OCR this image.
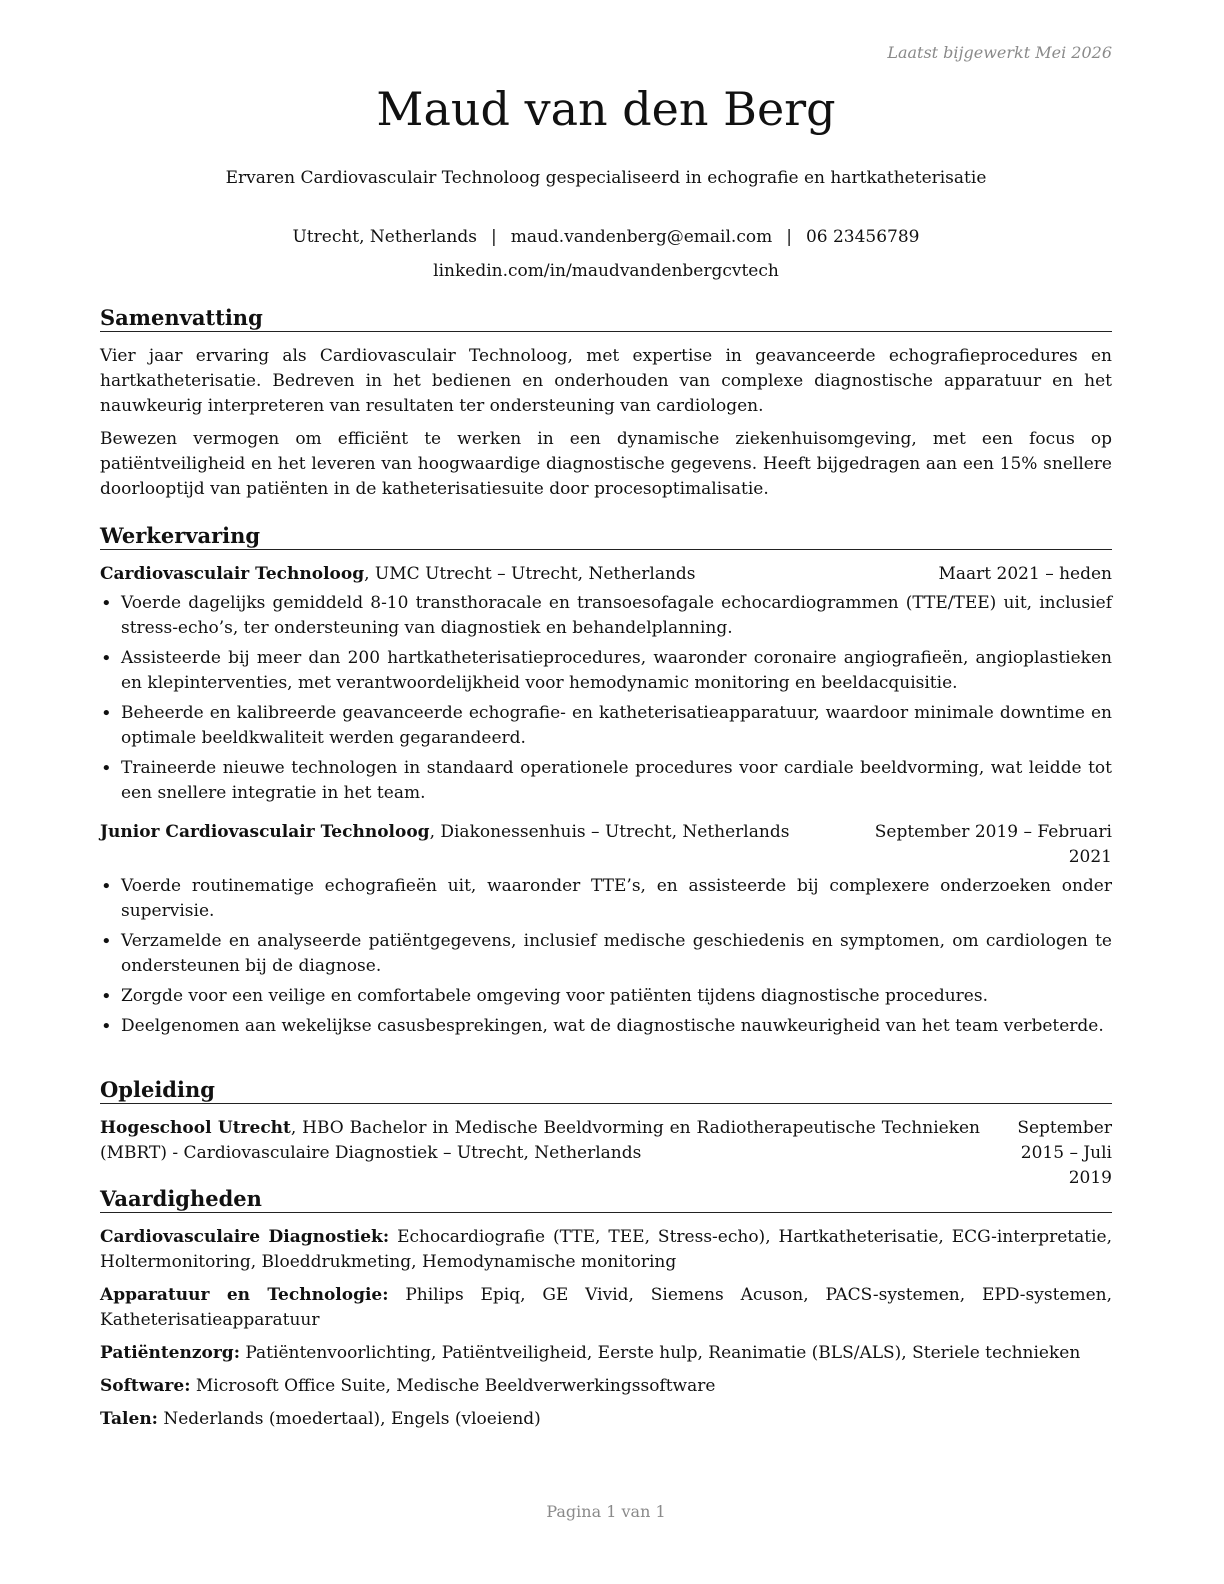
Laatst bijgewerkt Mei 2026

Maud van den Berg

Ervaren Cardiovasculair Technoloog gespecialiseerd in echografie en hartkatheterisatie

Utrecht, Netherlands | maud.vandenberg@email.com | 06 23456789
linkedin.com/in/maudvandenbergcvtech
Samenvatting

Vier jaar ervaring als Cardiovasculair Technoloog, met expertise in geavanceerde echografieprocedures en hartkatheterisatie. Bedreven in het bedienen en onderhouden van complexe diagnostische apparatuur en het nauwkeurig interpreteren van resultaten ter ondersteuning van cardiologen.

Bewezen vermogen om efficiënt te werken in een dynamische ziekenhuisomgeving, met een focus op patiëntveiligheid en het leveren van hoogwaardige diagnostische gegevens. Heeft bijgedragen aan een 15% snellere doorlooptijd van patiënten in de katheterisatiesuite door procesoptimalisatie.

Werkervaring
Cardiovasculair Technoloog, UMC Utrecht – Utrecht, Netherlands	Maart 2021 – heden
• Voerde dagelijks gemiddeld 8-10 transthoracale en transoesofagale echocardiogrammen (TTE/TEE) uit, inclusief stress-echo’s, ter ondersteuning van diagnostiek en behandelplanning.
• Assisteerde bij meer dan 200 hartkatheterisatieprocedures, waaronder coronaire angiografieën, angioplastieken en klepinterventies, met verantwoordelijkheid voor hemodynamic monitoring en beeldacquisitie.
• Beheerde en kalibreerde geavanceerde echografie- en katheterisatieapparatuur, waardoor minimale downtime en optimale beeldkwaliteit werden gegarandeerd.
• Traineerde nieuwe technologen in standaard operationele procedures voor cardiale beeldvorming, wat leidde tot een snellere integratie in het team.
Junior Cardiovasculair Technoloog, Diakonessenhuis – Utrecht, Netherlands	September 2019 – Februari 2021
• Voerde routinematige echografieën uit, waaronder TTE’s, en assisteerde bij complexere onderzoeken onder supervisie.
• Verzamelde en analyseerde patiëntgegevens, inclusief medische geschiedenis en symptomen, om cardiologen te ondersteunen bij de diagnose.
• Zorgde voor een veilige en comfortabele omgeving voor patiënten tijdens diagnostische procedures.
• Deelgenomen aan wekelijkse casusbesprekingen, wat de diagnostische nauwkeurigheid van het team verbeterde.
Opleiding
Hogeschool Utrecht, HBO Bachelor in Medische Beeldvorming en Radiotherapeutische Technieken (MBRT) - Cardiovasculaire Diagnostiek – Utrecht, Netherlands
September 2015 – Juli 2019
Vaardigheden

Cardiovasculaire Diagnostiek: Echocardiografie (TTE, TEE, Stress-echo), Hartkatheterisatie, ECG-interpretatie, Holtermonitoring, Bloeddrukmeting, Hemodynamische monitoring

Apparatuur en Technologie: Philips Epiq, GE Vivid, Siemens Acuson, PACS-systemen, EPD-systemen, Katheterisatieapparatuur

Patiëntenzorg: Patiëntenvoorlichting, Patiëntveiligheid, Eerste hulp, Reanimatie (BLS/ALS), Steriele technieken

Software: Microsoft Office Suite, Medische Beeldverwerkingssoftware

Talen: Nederlands (moedertaal), Engels (vloeiend)

Pagina 1 van 1
